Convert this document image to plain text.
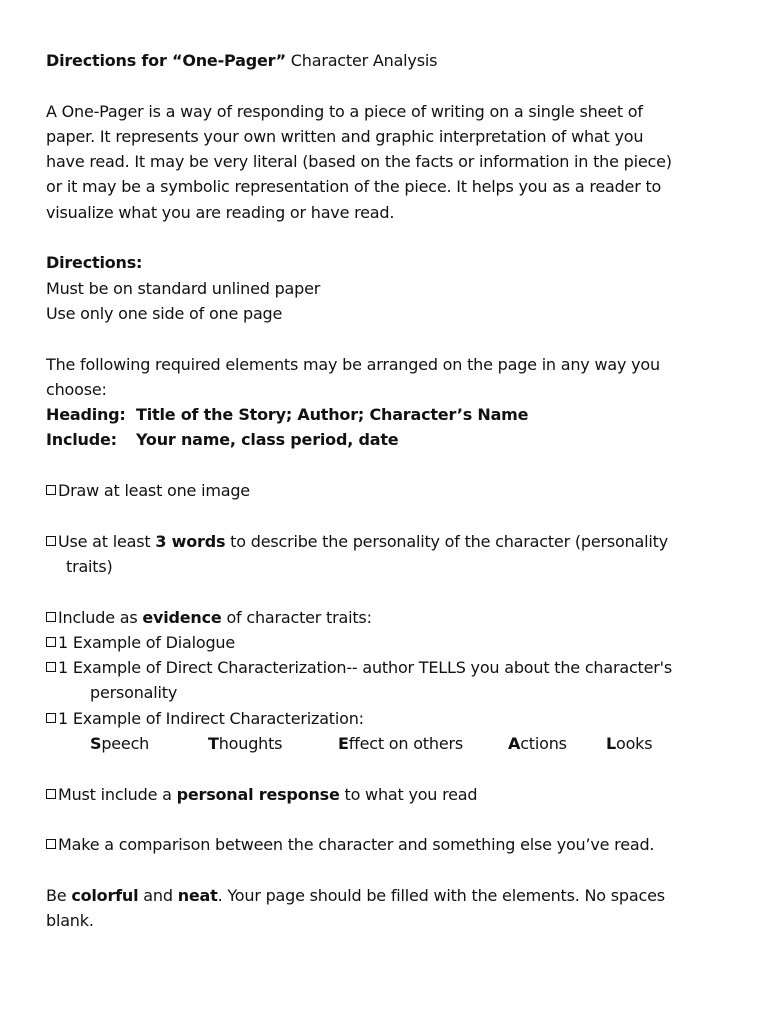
Directions for “One-Pager” Character Analysis
A One-Pager is a way of responding to a piece of writing on a single sheet of
paper. It represents your own written and graphic interpretation of what you
have read. It may be very literal (based on the facts or information in the piece)
or it may be a symbolic representation of the piece. It helps you as a reader to
visualize what you are reading or have read.
Directions:
Must be on standard unlined paper
Use only one side of one page
The following required elements may be arranged on the page in any way you
choose:
Heading: Title of the Story; Author; Character’s Name
Include: Your name, class period, date
Draw at least one image
Use at least 3 words to describe the personality of the character (personality
traits)
Include as evidence of character traits:
1 Example of Dialogue
1 Example of Direct Characterization-- author TELLS you about the character's
personality
1 Example of Indirect Characterization:
Speech	Thoughts	Effect on others	Actions	Looks
Must include a personal response to what you read
Make a comparison between the character and something else you’ve read.
Be colorful and neat. Your page should be filled with the elements. No spaces
blank.
